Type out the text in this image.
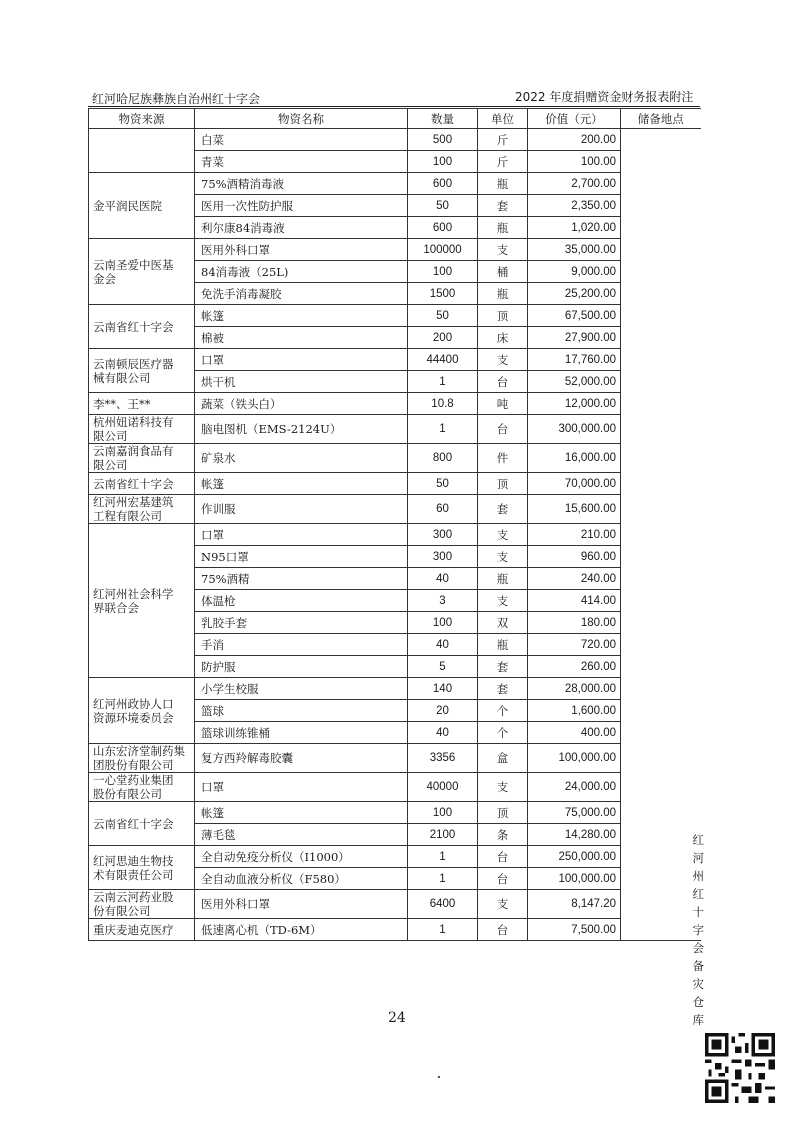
红河哈尼族彝族自治州红十字会	2022 年度捐赠资金财务报表附注
物资来源	物资名称	数量	单位	价值（元）	储备地点

	白菜	500	斤	200.00	红河州红十字会
备灾仓库

	青菜	100	斤	100.00	

金平润民医院	75%酒精消毒液	600	瓶	2,700.00	
	医用一次性防护服	50	套	2,350.00	
	利尔康84消毒液	600	瓶	1,020.00	

云南圣爱中医基
金会	医用外科口罩	100000	支	35,000.00	
	84消毒液（25L)	100	桶	9,000.00	
	免洗手消毒凝胶	1500	瓶	25,200.00	

云南省红十字会	帐篷	50	顶	67,500.00	
	棉被	200	床	27,900.00	

云南顿辰医疗器
械有限公司	口罩	44400	支	17,760.00	
	烘干机	1	台	52,000.00	

李**、王**	蔬菜（铁头白）	10.8	吨	12,000.00	

杭州妞诺科技有
限公司	脑电图机（EMS-2124U）	1	台	300,000.00	

云南嘉润食品有
限公司	矿泉水	800	件	16,000.00	

云南省红十字会	帐篷	50	顶	70,000.00	

红河州宏基建筑
工程有限公司	作训服	60	套	15,600.00	

红河州社会科学
界联合会	口罩	300	支	210.00	
	N95口罩	300	支	960.00	
	75%酒精	40	瓶	240.00	
	体温枪	3	支	414.00	
	乳胶手套	100	双	180.00	
	手消	40	瓶	720.00	
	防护服	5	套	260.00	

红河州政协人口
资源环境委员会	小学生校服	140	套	28,000.00	
	篮球	20	个	1,600.00	
	篮球训练锥桶	40	个	400.00	

山东宏济堂制药集
团股份有限公司	复方西羚解毒胶囊	3356	盒	100,000.00	

一心堂药业集团
股份有限公司	口罩	40000	支	24,000.00	

云南省红十字会	帐篷	100	顶	75,000.00	
	薄毛毯	2100	条	14,280.00	

红河思迪生物技
术有限责任公司	全自动免疫分析仪（I1000）	1	台	250,000.00	
	全自动血液分析仪（F580）	1	台	100,000.00	

云南云河药业股
份有限公司	医用外科口罩	6400	支	8,147.20	

重庆麦迪克医疗	低速离心机（TD-6M）	1	台	7,500.00	
24
